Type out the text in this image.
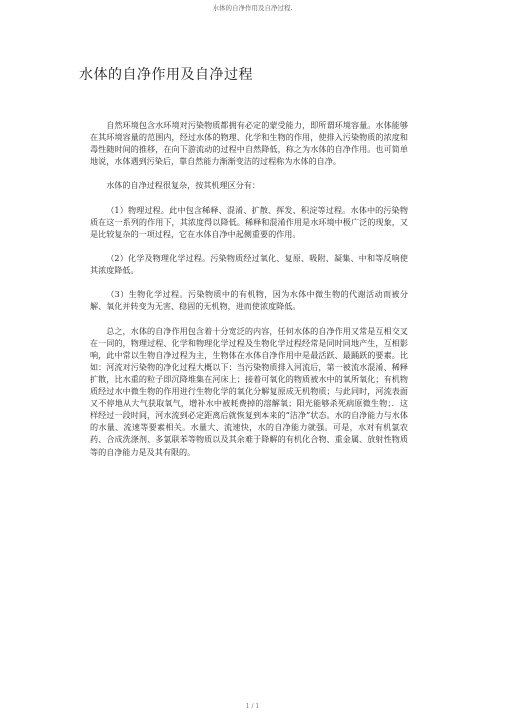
水体的自净作用及自净过程.
水体的自净作用及自净过程

自然环境包含水环境对污染物质都拥有必定的蒙受能力，即所谓环境容量。水体能够在其环境容量的范围内，经过水体的物理、化学和生物的作用，使排入污染物质的浓度和毒性随时间的推移，在向下游流动的过程中自然降低，称之为水体的自净作用。也可简单地说，水体遇到污染后，靠自然能力渐渐变洁的过程称为水体的自净。

水体的自净过程很复杂，按其机理区分有：

（1）物理过程。此中包含稀释、混淆、扩散、挥发、积淀等过程。水体中的污染物质在这一系列的作用下，其浓度得以降低。稀释和混淆作用是水环境中极广泛的现象，又是比较复杂的一项过程，它在水体自净中起侧重要的作用。

（2）化学及物理化学过程。污染物质经过氧化、复原、吸附、凝集、中和等反响使其浓度降低。

（3）生物化学过程。污染物质中的有机物，因为水体中微生物的代谢活动而被分解、氧化并转变为无害、稳固的无机物，进而使浓度降低。

总之，水体的自净作用包含着十分宽泛的内容，任何水体的自净作用又常是互相交叉在一同的，物理过程、化学和物理化学过程及生物化学过程经常是同时同地产生，互相影响，此中常以生物自净过程为主，生物体在水体自净作用中是最活跃、最踊跃的要素。比如：河流对污染物的净化过程大概以下：当污染物质排入河流后，第一被流水混淆、稀释扩散，比水重的粒子即沉降堆集在河床上；接着可氧化的物质被水中的氧所氧化；有机物质经过水中微生物的作用进行生物化学的氧化分解复原成无机物质；与此同时，河流表面又不停地从大气获取氧气，增补水中被耗费掉的溶解氧；阳光能够杀死病原微生物；．这样经过一段时间，河水流到必定距离后就恢复到本来的“洁净”状态。水的自净能力与水体的水量、流速等要素相关。水量大、流速快，水的自净能力就强。可是，水对有机氯农药、合成洗涤剂、多氯联苯等物质以及其余难于降解的有机化合物、重金属、放射性物质等的自净能力是及其有限的。

1 / 1
